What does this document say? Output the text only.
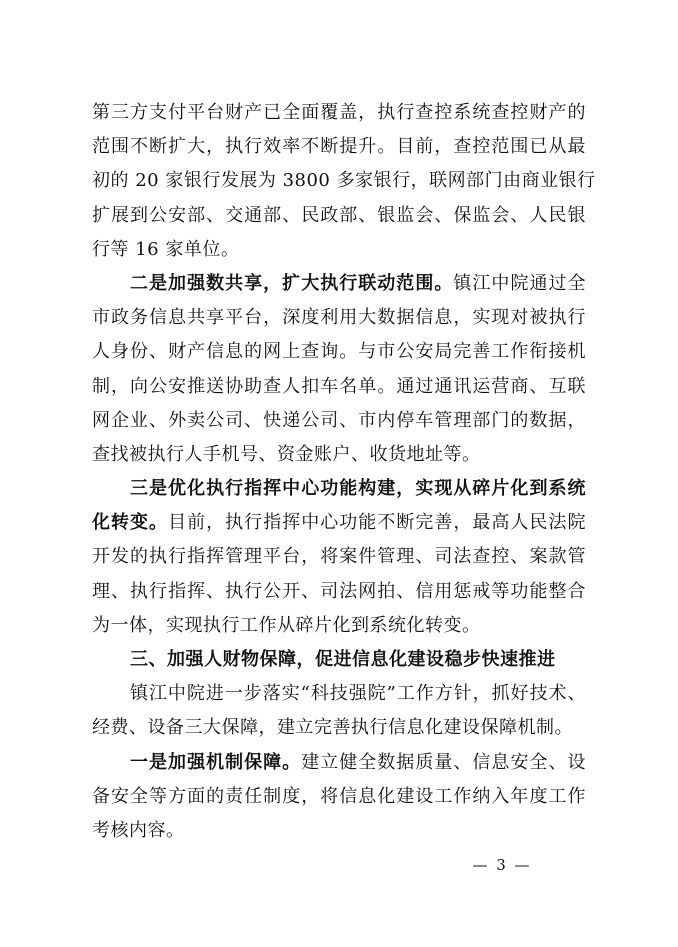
第三方支付平台财产已全面覆盖，执行查控系统查控财产的
范围不断扩大，执行效率不断提升。目前，查控范围已从最
初的 20 家银行发展为 3800 多家银行，联网部门由商业银行
扩展到公安部、交通部、民政部、银监会、保监会、人民银
行等 16 家单位。
二是加强数共享，扩大执行联动范围。镇江中院通过全
市政务信息共享平台，深度利用大数据信息，实现对被执行
人身份、财产信息的网上查询。与市公安局完善工作衔接机
制，向公安推送协助查人扣车名单。通过通讯运营商、互联
网企业、外卖公司、快递公司、市内停车管理部门的数据，
查找被执行人手机号、资金账户、收货地址等。
三是优化执行指挥中心功能构建，实现从碎片化到系统
化转变。目前，执行指挥中心功能不断完善，最高人民法院
开发的执行指挥管理平台，将案件管理、司法查控、案款管
理、执行指挥、执行公开、司法网拍、信用惩戒等功能整合
为一体，实现执行工作从碎片化到系统化转变。
三、加强人财物保障，促进信息化建设稳步快速推进
镇江中院进一步落实“科技强院”工作方针，抓好技术、
经费、设备三大保障，建立完善执行信息化建设保障机制。
一是加强机制保障。建立健全数据质量、信息安全、设
备安全等方面的责任制度，将信息化建设工作纳入年度工作
考核内容。
— 3 —
